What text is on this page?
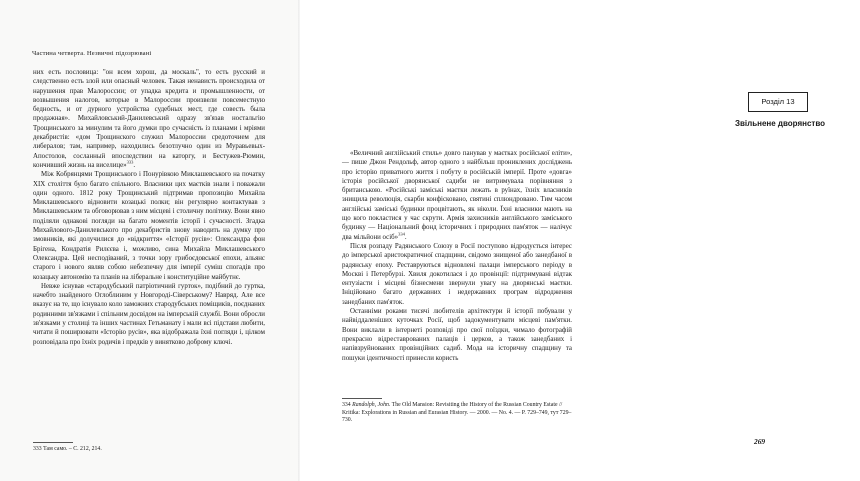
Частина четверта. Незвичні підозрювані

них есть пословица: "он всем хорош, да москаль", то есть русский и следственно есть злой или опасный человек. Такая ненависть происходила от нарушения прав Малороссии; от упадка кредита и промышленности, от возвышения налогов, которые в Малороссии произвели повсеместную бедность, и от дурного устройства судебных мест, где совесть была продажная». Михайловський-Данилевський одразу зв'язав ностальгію Трощинського за минулим та його думки про сучасність із планами і мріями декабристів: «дом Трощинского служил Малороссии средоточием для либералов; там, например, находились безотлучно один из Муравьевых-Апостолов, сосланный впоследствии на каторгу, и Бестужев-Рюмин, кончивший жизнь на виселице»$^{333}$.

Між Кобрянцями Трощинського і Понурівкою Миклашевського на початку XIX століття було багато спільного. Власники цих маєтків знали і поважали один одного. 1812 року Трощинський підтримав пропозицію Михайла Миклашевського відновити козацькі полки; він регулярно контактував з Миклашевським та обговорював з ним місцеві і столичну політику. Вони явно поділяли однакові погляди на багато моментів історії і сучасності. Згадка Михайлового-Данилевського про декабристів знову наводить на думку про змовників, які долучилися до «відкриття» «Історії русів»: Олександра фон Брігена, Кондратія Рилєєва і, можливо, сина Михайла Миклашевського Олександра. Цей несподіваний, з точки зору грибоєдовської епохи, альянс старого і нового являв собою небезпечну для імперії суміш спогадів про козацьку автономію та планів на ліберальне і конституційне майбутнє.

Невже існував «стародубський патріотичний гурток», подібний до гуртка, начебто знайденого Оглоблиним у Новгороді-Сіверському? Навряд. Але все вказує на те, що існувало коло заможних стародубських поміщиків, поєднаних родинними зв'язками і спільним досвідом на імперській службі. Вони обросли зв'язками у столиці та інших частинах Гетьманату і мали всі підстави любити, читати й поширювати «Історію русів», яка відображала їхні погляди і, цілком розповідала про їхніх родичів і предків у винятково доброму ключі.

333 Там само. – С. 212, 214.
Розділ 13
Звільнене дворянство

«Величний англійський стиль» довго панував у маєтках російської еліти», — пише Джон Рендольф, автор одного з найбільш прониклених досліджень про історію приватного життя і побуту в російській імперії. Проте «довга» історія російської дворянської садиби не витримувала порівняння з британською. «Російські заміські маєтки лежать в руїнах, їхніх власників знищила революція, скарби конфісковано, святині сплюндровано. Тим часом англійські заміські будинки процвітають, як ніколи. Їхні власники мають на що кого покластися у час скрути. Армія захисників англійського заміського будинку — Національний фонд історичних і природних пам'яток — налічує два мільйони осіб»$^{334}$.

Після розпаду Радянського Союзу в Росії поступово відродується інтерес до імперської аристократичної спадщини, свідомо знищеної або занедбаної в радянську епоху. Реставруються відновлені палаци імперського періоду в Москві і Петербурзі. Хвиля докотилася і до провінції: підтримувані відтак ентузіасти і місцеві бізнесмени звернули увагу на дворянські маєтки. Ініційовано багато державних і недержавних програм відродження занедбаних пам'яток.

Останніми роками тисячі любителів архітектури й історії побували у найвіддаленіших куточках Росії, щоб задокументувати місцеві пам'ятки. Вони виклали в інтернеті розповіді про свої поїздки, чимало фотографій прекрасно відреставрованих палаців і церков, а також занедбаних і напівзруйнованих провінційних садиб. Мода на історичну спадщину та пошуки ідентичності принесли користь

334 Randolph, John. The Old Mansion: Revisiting the History of the Russian Country Estate // Kritika: Explorations in Russian and Eurasian History. — 2000. — No. 4. — P. 729–749, тут 729–730.
269
